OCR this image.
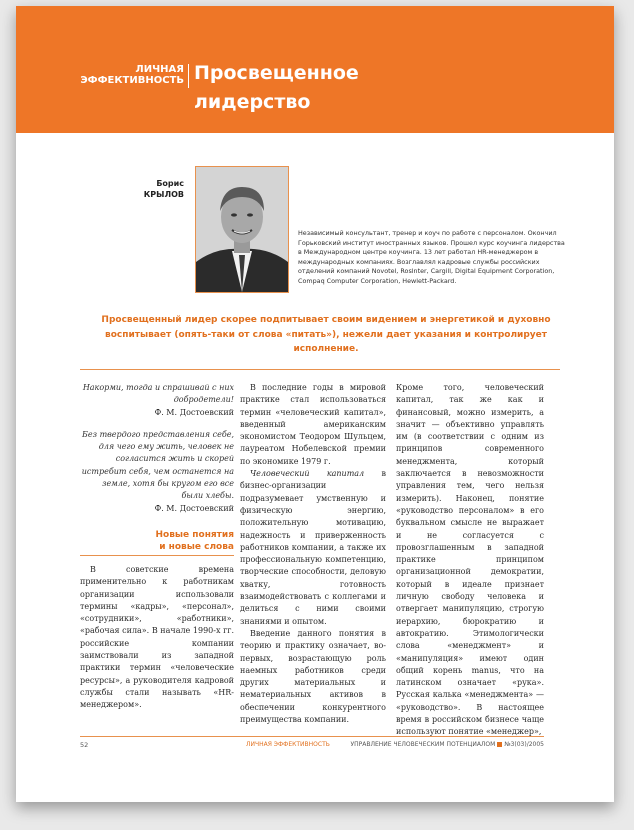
ЛИЧНАЯ
ЭФФЕКТИВНОСТЬ Просвещенное
лидерство
Борис
КРЫЛОВ
Независимый консультант, тренер и коуч по работе с персоналом. Окончил Горьковский институт иностранных языков. Прошел курс коучинга лидерства в Международном центре коучинга. 13 лет работал HR-менеджером в международных компаниях. Возглавлял кадровые службы российских отделений компаний Novotel, Roslnter, Cargill, Digital Equipment Corporation, Compaq Computer Corporation, Hewlett-Packard.
Просвещенный лидер скорее подпитывает своим видением и энергетикой и духовно воспитывает (опять-таки от слова «питать»), нежели дает указания и контролирует исполнение.

Накорми, тогда и спрашивай с них добродетели!

Ф. М. Достоевский

Без твердого представления себе, для чего ему жить, человек не согласится жить и скорей истребит себя, чем останется на земле, хотя бы кругом его все были хлебы.

Ф. М. Достоевский

Новые понятия
и новые слова

В советские времена применительно к работникам организации использовали термины «кадры», «персонал», «сотрудники», «работники», «рабочая сила». В начале 1990-х гг. российские компании заимствовали из западной практики термин «человеческие ресурсы», а руководителя кадровой службы стали называть «HR-менеджером».

В последние годы в мировой практике стал использоваться термин «человеческий капитал», введенный американским экономистом Теодором Шульцем, лауреатом Нобелевской премии по экономике 1979 г.

Человеческий капитал в бизнес-организации подразумевает умственную и физическую энергию, положительную мотивацию, надежность и приверженность работников компании, а также их профессиональную компетенцию, творческие способности, деловую хватку, готовность взаимодействовать с коллегами и делиться с ними своими знаниями и опытом.

Введение данного понятия в теорию и практику означает, во-первых, возрастающую роль наемных работников среди других материальных и нематериальных активов в обеспечении конкурентного преимущества компании.

Кроме того, человеческий капитал, так же как и финансовый, можно измерить, а значит — объективно управлять им (в соответствии с одним из принципов современного менеджмента, который заключается в невозможности управления тем, чего нельзя измерить). Наконец, понятие «руководство персоналом» в его буквальном смысле не выражает и не согласуется с провозглашенным в западной практике принципом организационной демократии, который в идеале признает личную свободу человека и отвергает манипуляцию, строгую иерархию, бюрократию и автократию. Этимологически слова «менеджмент» и «манипуляция» имеют один общий корень manus, что на латинском означает «рука». Русская калька «менеджмента» — «руководство». В настоящее время в российском бизнесе чаще используют понятие «менеджер»,

52	ЛИЧНАЯ ЭФФЕКТИВНОСТЬ	УПРАВЛЕНИЕ ЧЕЛОВЕЧЕСКИМ ПОТЕНЦИАЛОМ №3(03)/2005
